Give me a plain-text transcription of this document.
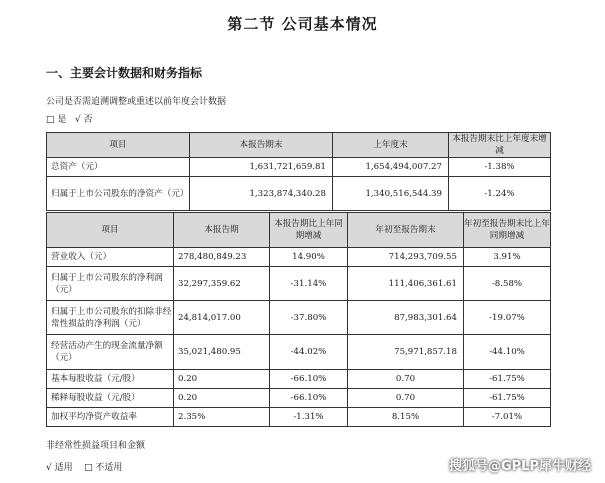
第二节 公司基本情况
一、主要会计数据和财务指标
公司是否需追溯调整或重述以前年度会计数据
□ 是 √ 否
项目	本报告期末	上年度末	本报告期末比上年度末增减
总资产（元）	1,631,721,659.81	1,654,494,007.27	-1.38%
归属于上市公司股东的净资产（元）	1,323,874,340.28	1,340,516,544.39	-1.24%
项目	本报告期	本报告期比上年同期增减	年初至报告期末	年初至报告期末比上年同期增减
营业收入（元）	278,480,849.23	14.90%	714,293,709.55	3.91%
归属于上市公司股东的净利润（元）	32,297,359.62	-31.14%	111,406,361.61	-8.58%
归属于上市公司股东的扣除非经常性损益的净利润（元）	24,814,017.00	-37.80%	87,983,301.64	-19.07%
经营活动产生的现金流量净额（元）	35,021,480.95	-44.02%	75,971,857.18	-44.10%
基本每股收益（元/股）	0.20	-66.10%	0.70	-61.75%
稀释每股收益（元/股）	0.20	-66.10%	0.70	-61.75%
加权平均净资产收益率	2.35%	-1.31%	8.15%	-7.01%
非经常性损益项目和金额
√ 适用 □ 不适用	搜狐号@GPLP犀牛财经
